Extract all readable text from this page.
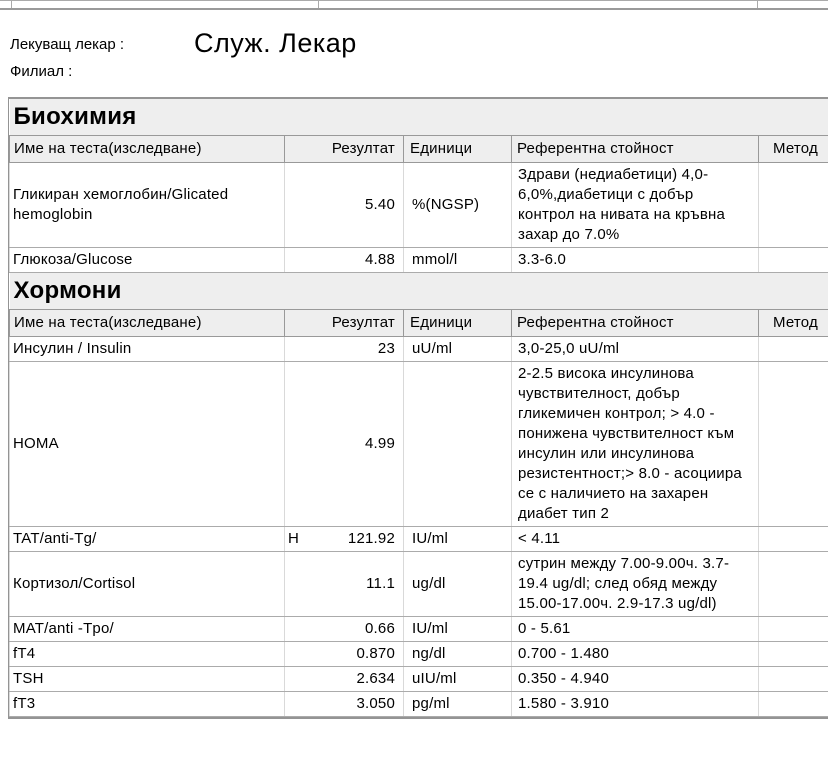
Лекуващ лекар :	Служ. Лекар
Филиал :
Биохимия				
Име на теста(изследване)	Резултат	Единици	Референтна стойност	Метод
Гликиран хемоглобин/Glicated hemoglobin	5.40	%(NGSP)	Здрави (недиабетици) 4,0-6,0%,диабетици с добър контрол на нивата на кръвна захар до 7.0%	
Глюкоза/Glucose	4.88	mmol/l	3.3-6.0	
Хормони				
Име на теста(изследване)	Резултат	Единици	Референтна стойност	Метод
Инсулин / Insulin	23	uU/ml	3,0-25,0 uU/ml	
HOMA	4.99		2-2.5 висока инсулинова чувствителност, добър гликемичен контрол; > 4.0 - понижена чувствителност към инсулин или инсулинова резистентност;> 8.0 - асоциира се с наличието на захарен диабет тип 2	
TAT/anti-Tg/	H 121.92	IU/ml	< 4.11	
Кортизол/Cortisol	11.1	ug/dl	сутрин между 7.00-9.00ч. 3.7-19.4 ug/dl; след обяд между 15.00-17.00ч. 2.9-17.3 ug/dl)	
MAT/anti -Tpo/	0.66	IU/ml	0 - 5.61	
fT4	0.870	ng/dl	0.700 - 1.480	
TSH	2.634	uIU/ml	0.350 - 4.940	
fT3	3.050	pg/ml	1.580 - 3.910	
